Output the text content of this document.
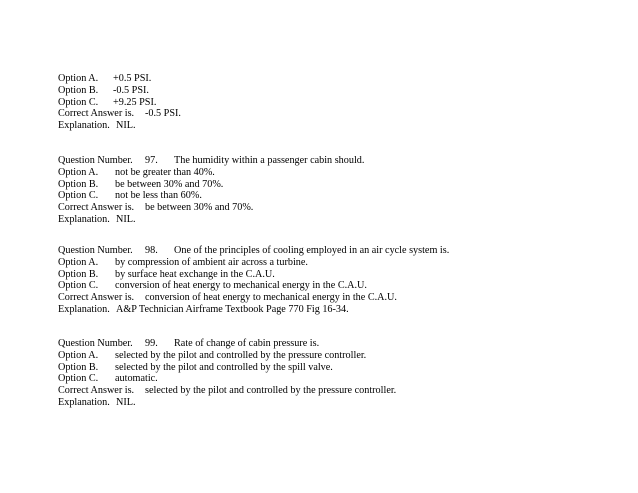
Option A. +0.5 PSI.
Option B. -0.5 PSI.
Option C. +9.25 PSI.
Correct Answer is. -0.5 PSI.
Explanation. NIL.
Question Number. 97. The humidity within a passenger cabin should.
Option A. not be greater than 40%.
Option B. be between 30% and 70%.
Option C. not be less than 60%.
Correct Answer is. be between 30% and 70%.
Explanation. NIL.
Question Number. 98. One of the principles of cooling employed in an air cycle system is.
Option A. by compression of ambient air across a turbine.
Option B. by surface heat exchange in the C.A.U.
Option C. conversion of heat energy to mechanical energy in the C.A.U.
Correct Answer is. conversion of heat energy to mechanical energy in the C.A.U.
Explanation. A&P Technician Airframe Textbook Page 770 Fig 16-34.
Question Number. 99. Rate of change of cabin pressure is.
Option A. selected by the pilot and controlled by the pressure controller.
Option B. selected by the pilot and controlled by the spill valve.
Option C. automatic.
Correct Answer is. selected by the pilot and controlled by the pressure controller.
Explanation. NIL.
